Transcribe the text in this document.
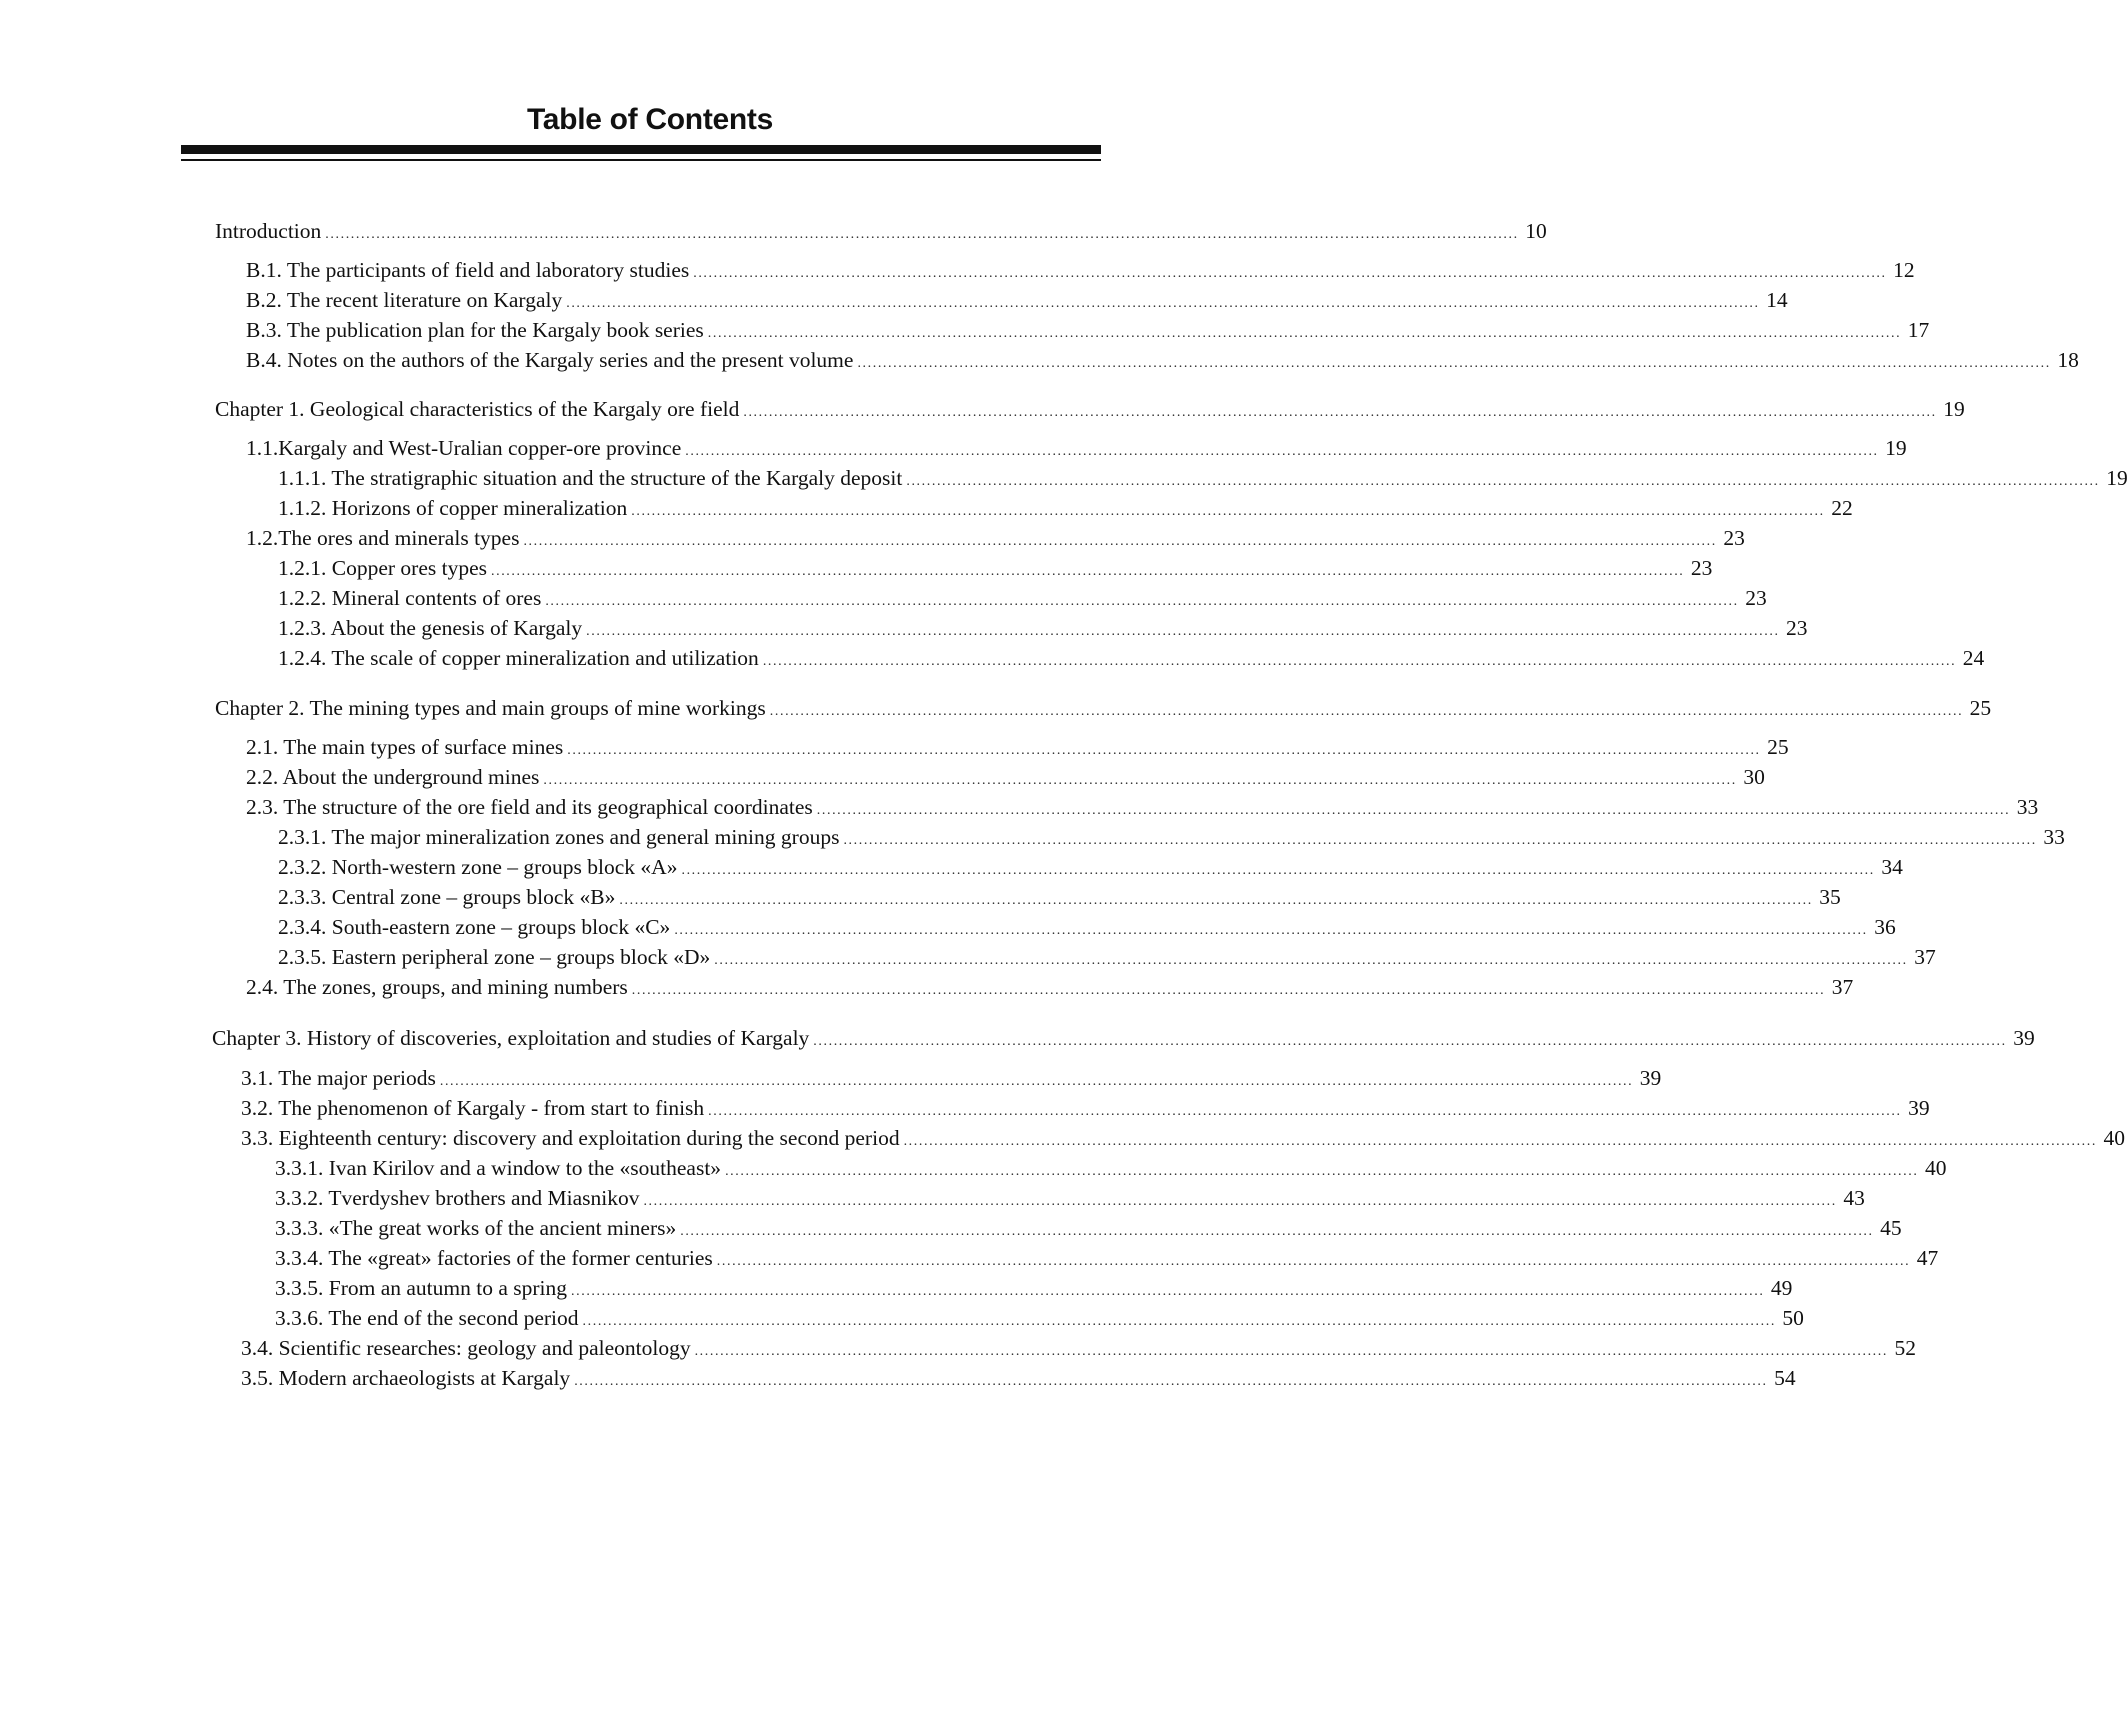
Table of Contents
Introduction .......................................................................................................................................................................................................................................... 10
B.1. The participants of field and laboratory studies .......................................................................................................................................................................................................................................... 12
B.2. The recent literature on Kargaly .......................................................................................................................................................................................................................................... 14
B.3. The publication plan for the Kargaly book series .......................................................................................................................................................................................................................................... 17
B.4. Notes on the authors of the Kargaly series and the present volume .......................................................................................................................................................................................................................................... 18
Chapter 1. Geological characteristics of the Kargaly ore field .......................................................................................................................................................................................................................................... 19
1.1.Kargaly and West-Uralian copper-ore province .......................................................................................................................................................................................................................................... 19
1.1.1. The stratigraphic situation and the structure of the Kargaly deposit .......................................................................................................................................................................................................................................... 19
1.1.2. Horizons of copper mineralization .......................................................................................................................................................................................................................................... 22
1.2.The ores and minerals types .......................................................................................................................................................................................................................................... 23
1.2.1. Copper ores types .......................................................................................................................................................................................................................................... 23
1.2.2. Mineral contents of ores .......................................................................................................................................................................................................................................... 23
1.2.3. About the genesis of Kargaly .......................................................................................................................................................................................................................................... 23
1.2.4. The scale of copper mineralization and utilization .......................................................................................................................................................................................................................................... 24
Chapter 2. The mining types and main groups of mine workings .......................................................................................................................................................................................................................................... 25
2.1. The main types of surface mines .......................................................................................................................................................................................................................................... 25
2.2. About the underground mines .......................................................................................................................................................................................................................................... 30
2.3. The structure of the ore field and its geographical coordinates .......................................................................................................................................................................................................................................... 33
2.3.1. The major mineralization zones and general mining groups .......................................................................................................................................................................................................................................... 33
2.3.2. North-western zone – groups block «A» .......................................................................................................................................................................................................................................... 34
2.3.3. Central zone – groups block «B» .......................................................................................................................................................................................................................................... 35
2.3.4. South-eastern zone – groups block «C» .......................................................................................................................................................................................................................................... 36
2.3.5. Eastern peripheral zone – groups block «D» .......................................................................................................................................................................................................................................... 37
2.4. The zones, groups, and mining numbers .......................................................................................................................................................................................................................................... 37
Chapter 3. History of discoveries, exploitation and studies of Kargaly .......................................................................................................................................................................................................................................... 39
3.1. The major periods .......................................................................................................................................................................................................................................... 39
3.2. The phenomenon of Kargaly - from start to finish .......................................................................................................................................................................................................................................... 39
3.3. Eighteenth century: discovery and exploitation during the second period .......................................................................................................................................................................................................................................... 40
3.3.1. Ivan Kirilov and a window to the «southeast» .......................................................................................................................................................................................................................................... 40
3.3.2. Tverdyshev brothers and Miasnikov .......................................................................................................................................................................................................................................... 43
3.3.3. «The great works of the ancient miners» .......................................................................................................................................................................................................................................... 45
3.3.4. The «great» factories of the former centuries .......................................................................................................................................................................................................................................... 47
3.3.5. From an autumn to a spring .......................................................................................................................................................................................................................................... 49
3.3.6. The end of the second period .......................................................................................................................................................................................................................................... 50
3.4. Scientific researches: geology and paleontology .......................................................................................................................................................................................................................................... 52
3.5. Modern archaeologists at Kargaly .......................................................................................................................................................................................................................................... 54
